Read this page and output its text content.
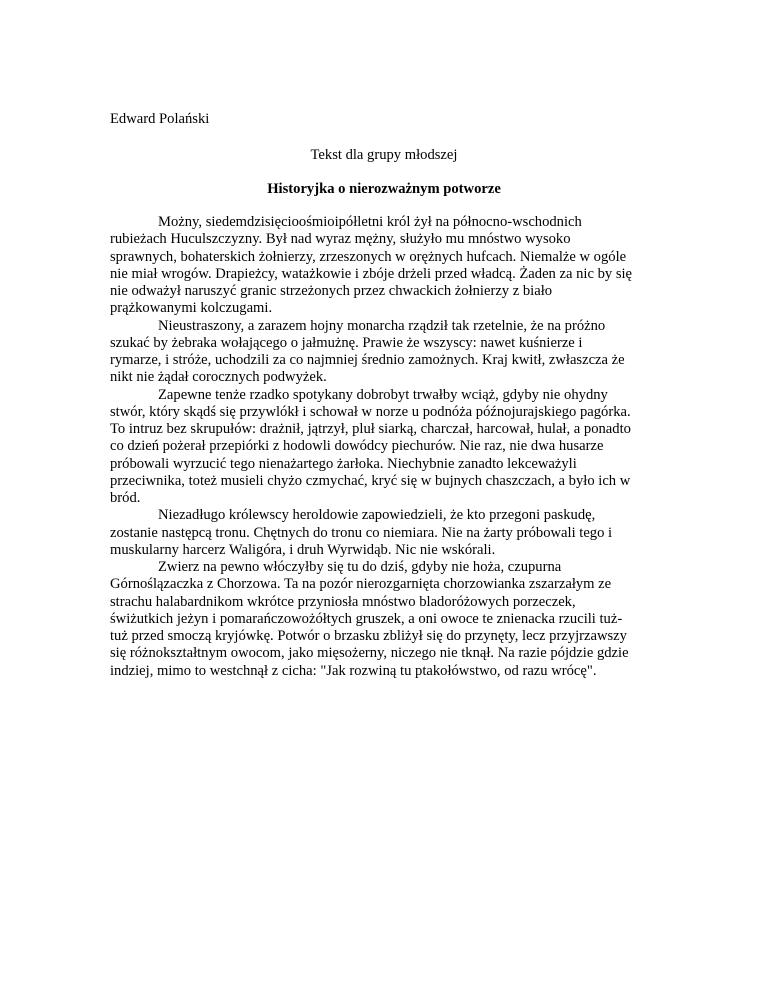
Edward Polański
Tekst dla grupy młodszej
Historyjka o nierozważnym potworze
Możny, siedemdzisięcioośmioipółletni król żył na północno-wschodnich
rubieżach Huculszczyzny. Był nad wyraz mężny, służyło mu mnóstwo wysoko
sprawnych, bohaterskich żołnierzy, zrzeszonych w orężnych hufcach. Niemalże w ogóle
nie miał wrogów. Drapieżcy, watażkowie i zbóje drżeli przed władcą. Żaden za nic by się
nie odważył naruszyć granic strzeżonych przez chwackich żołnierzy z biało
prążkowanymi kolczugami.
Nieustraszony, a zarazem hojny monarcha rządził tak rzetelnie, że na próżno
szukać by żebraka wołającego o jałmużnę. Prawie że wszyscy: nawet kuśnierze i
rymarze, i stróże, uchodzili za co najmniej średnio zamożnych. Kraj kwitł, zwłaszcza że
nikt nie żądał corocznych podwyżek.
Zapewne tenże rzadko spotykany dobrobyt trwałby wciąż, gdyby nie ohydny
stwór, który skądś się przywlókł i schował w norze u podnóża późnojurajskiego pagórka.
To intruz bez skrupułów: drażnił, jątrzył, pluł siarką, charczał, harcował, hulał, a ponadto
co dzień pożerał przepiórki z hodowli dowódcy piechurów. Nie raz, nie dwa husarze
próbowali wyrzucić tego nienażartego żarłoka. Niechybnie zanadto lekceważyli
przeciwnika, toteż musieli chyżo czmychać, kryć się w bujnych chaszczach, a było ich w
bród.
Niezadługo królewscy heroldowie zapowiedzieli, że kto przegoni paskudę,
zostanie następcą tronu. Chętnych do tronu co niemiara. Nie na żarty próbowali tego i
muskularny harcerz Waligóra, i druh Wyrwidąb. Nic nie wskórali.
Zwierz na pewno włóczyłby się tu do dziś, gdyby nie hoża, czupurna
Górnoślązaczka z Chorzowa. Ta na pozór nierozgarnięta chorzowianka zszarzałym ze
strachu halabardnikom wkrótce przyniosła mnóstwo bladoróżowych porzeczek,
świżutkich jeżyn i pomarańczowożółtych gruszek, a oni owoce te znienacka rzucili tuż-
tuż przed smoczą kryjówkę. Potwór o brzasku zbliżył się do przynęty, lecz przyjrzawszy
się różnokształtnym owocom, jako mięsożerny, niczego nie tknął. Na razie pójdzie gdzie
indziej, mimo to westchnął z cicha: "Jak rozwiną tu ptakołówstwo, od razu wrócę".
